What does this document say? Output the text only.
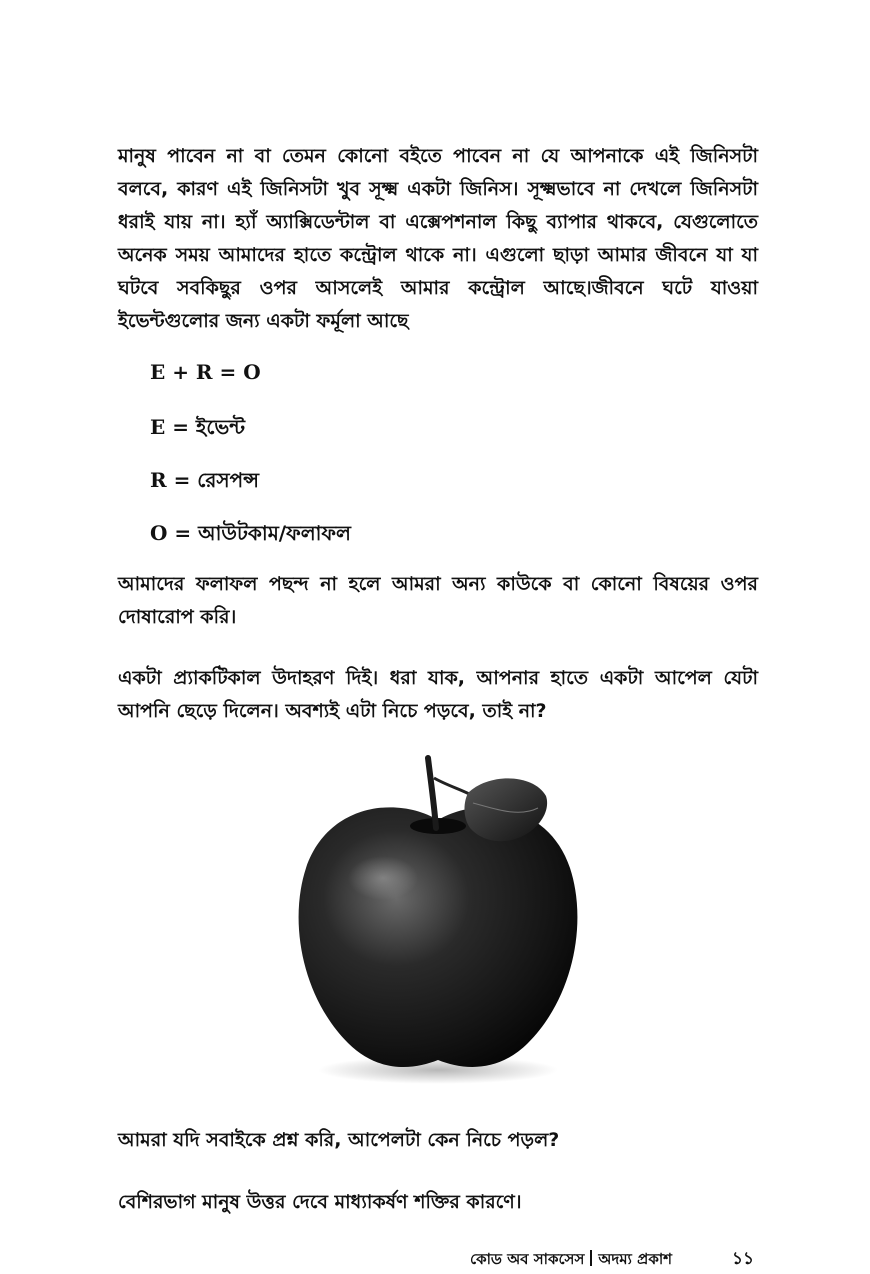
মানুষ পাবেন না বা তেমন কোনো বইতে পাবেন না যে আপনাকে এই জিনিসটা বলবে, কারণ এই জিনিসটা খুব সূক্ষ্ম একটা জিনিস। সূক্ষ্মভাবে না দেখলে জিনিসটা ধরাই যায় না। হ্যাঁ অ্যাক্সিডেন্টাল বা এক্সেপশনাল কিছু ব্যাপার থাকবে, যেগুলোতে অনেক সময় আমাদের হাতে কন্ট্রোল থাকে না। এগুলো ছাড়া আমার জীবনে যা যা ঘটবে সবকিছুর ওপর আসলেই আমার কন্ট্রোল আছে।জীবনে ঘটে যাওয়া ইভেন্টগুলোর জন্য একটা ফর্মূলা আছে

E + R = O

E = ইভেন্ট

R = রেসপন্স

O = আউটকাম/ফলাফল

আমাদের ফলাফল পছন্দ না হলে আমরা অন্য কাউকে বা কোনো বিষয়ের ওপর দোষারোপ করি।

একটা প্র্যাকটিকাল উদাহরণ দিই। ধরা যাক, আপনার হাতে একটা আপেল যেটা আপনি ছেড়ে দিলেন। অবশ্যই এটা নিচে পড়বে, তাই না?

আমরা যদি সবাইকে প্রশ্ন করি, আপেলটা কেন নিচে পড়ল?

বেশিরভাগ মানুষ উত্তর দেবে মাধ্যাকর্ষণ শক্তির কারণে।

কোড অব সাকসেস অদম্য প্রকাশ	১১
